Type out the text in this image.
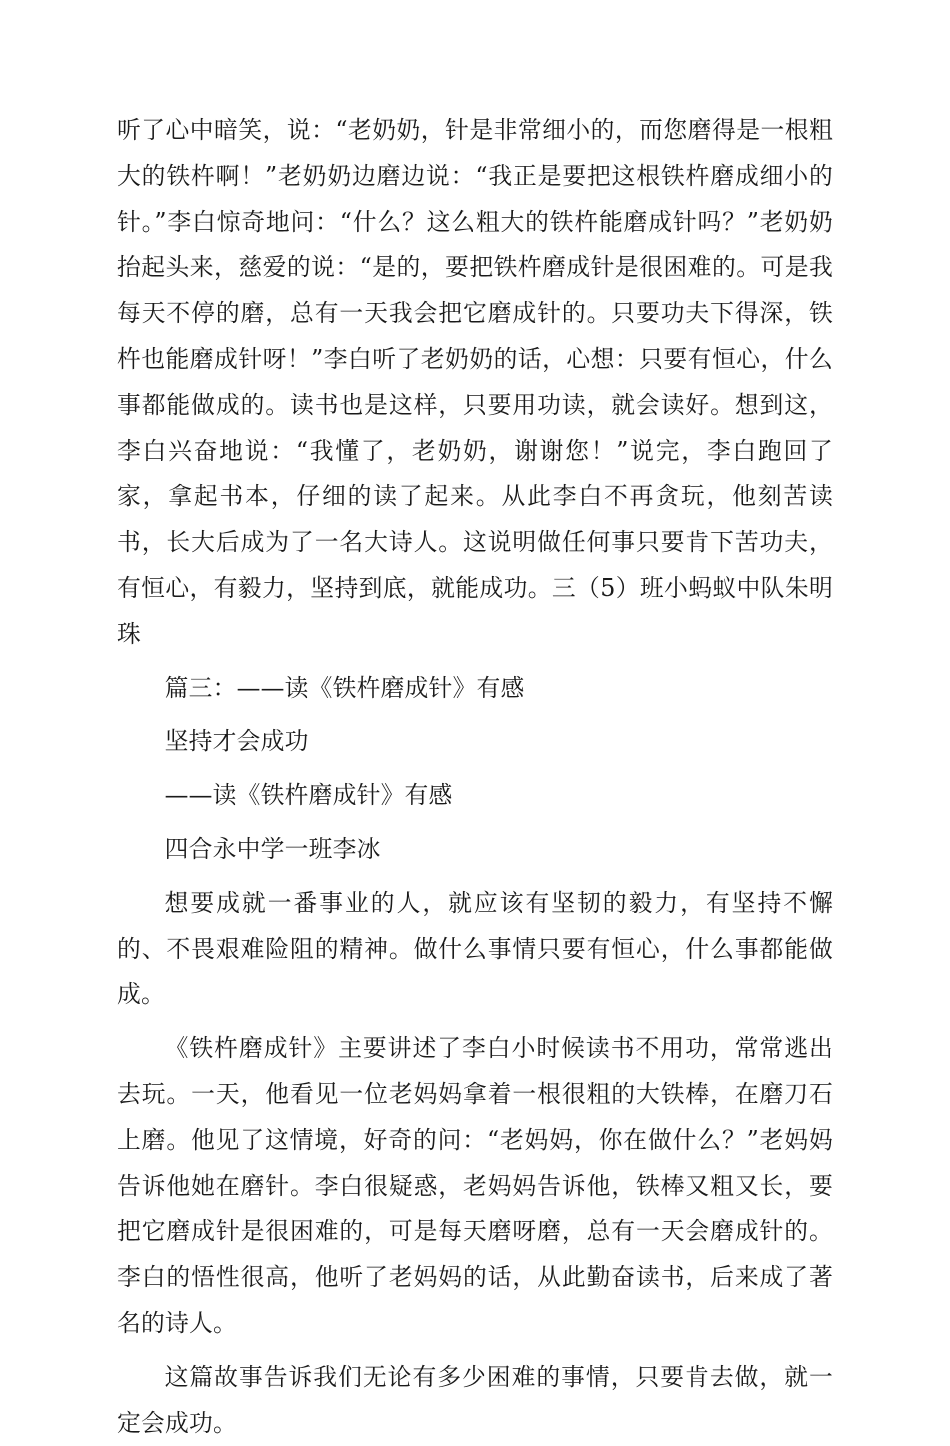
听了心中暗笑，说：“老奶奶，针是非常细小的，而您磨得是一根粗大的铁杵啊！”老奶奶边磨边说：“我正是要把这根铁杵磨成细小的针。”李白惊奇地问：“什么？这么粗大的铁杵能磨成针吗？”老奶奶抬起头来，慈爱的说：“是的，要把铁杵磨成针是很困难的。可是我每天不停的磨，总有一天我会把它磨成针的。只要功夫下得深，铁杵也能磨成针呀！”李白听了老奶奶的话，心想：只要有恒心，什么事都能做成的。读书也是这样，只要用功读，就会读好。想到这，李白兴奋地说：“我懂了，老奶奶，谢谢您！”说完，李白跑回了家，拿起书本，仔细的读了起来。从此李白不再贪玩，他刻苦读书，长大后成为了一名大诗人。这说明做任何事只要肯下苦功夫，有恒心，有毅力，坚持到底，就能成功。三（5）班小蚂蚁中队朱明珠

篇三：——读《铁杵磨成针》有感

坚持才会成功

——读《铁杵磨成针》有感

四合永中学一班李冰

想要成就一番事业的人，就应该有坚韧的毅力，有坚持不懈的、不畏艰难险阻的精神。做什么事情只要有恒心，什么事都能做成。

《铁杵磨成针》主要讲述了李白小时候读书不用功，常常逃出去玩。一天，他看见一位老妈妈拿着一根很粗的大铁棒，在磨刀石上磨。他见了这情境，好奇的问：“老妈妈，你在做什么？”老妈妈告诉他她在磨针。李白很疑惑，老妈妈告诉他，铁棒又粗又长，要把它磨成针是很困难的，可是每天磨呀磨，总有一天会磨成针的。李白的悟性很高，他听了老妈妈的话，从此勤奋读书，后来成了著名的诗人。

这篇故事告诉我们无论有多少困难的事情，只要肯去做，就一定会成功。
